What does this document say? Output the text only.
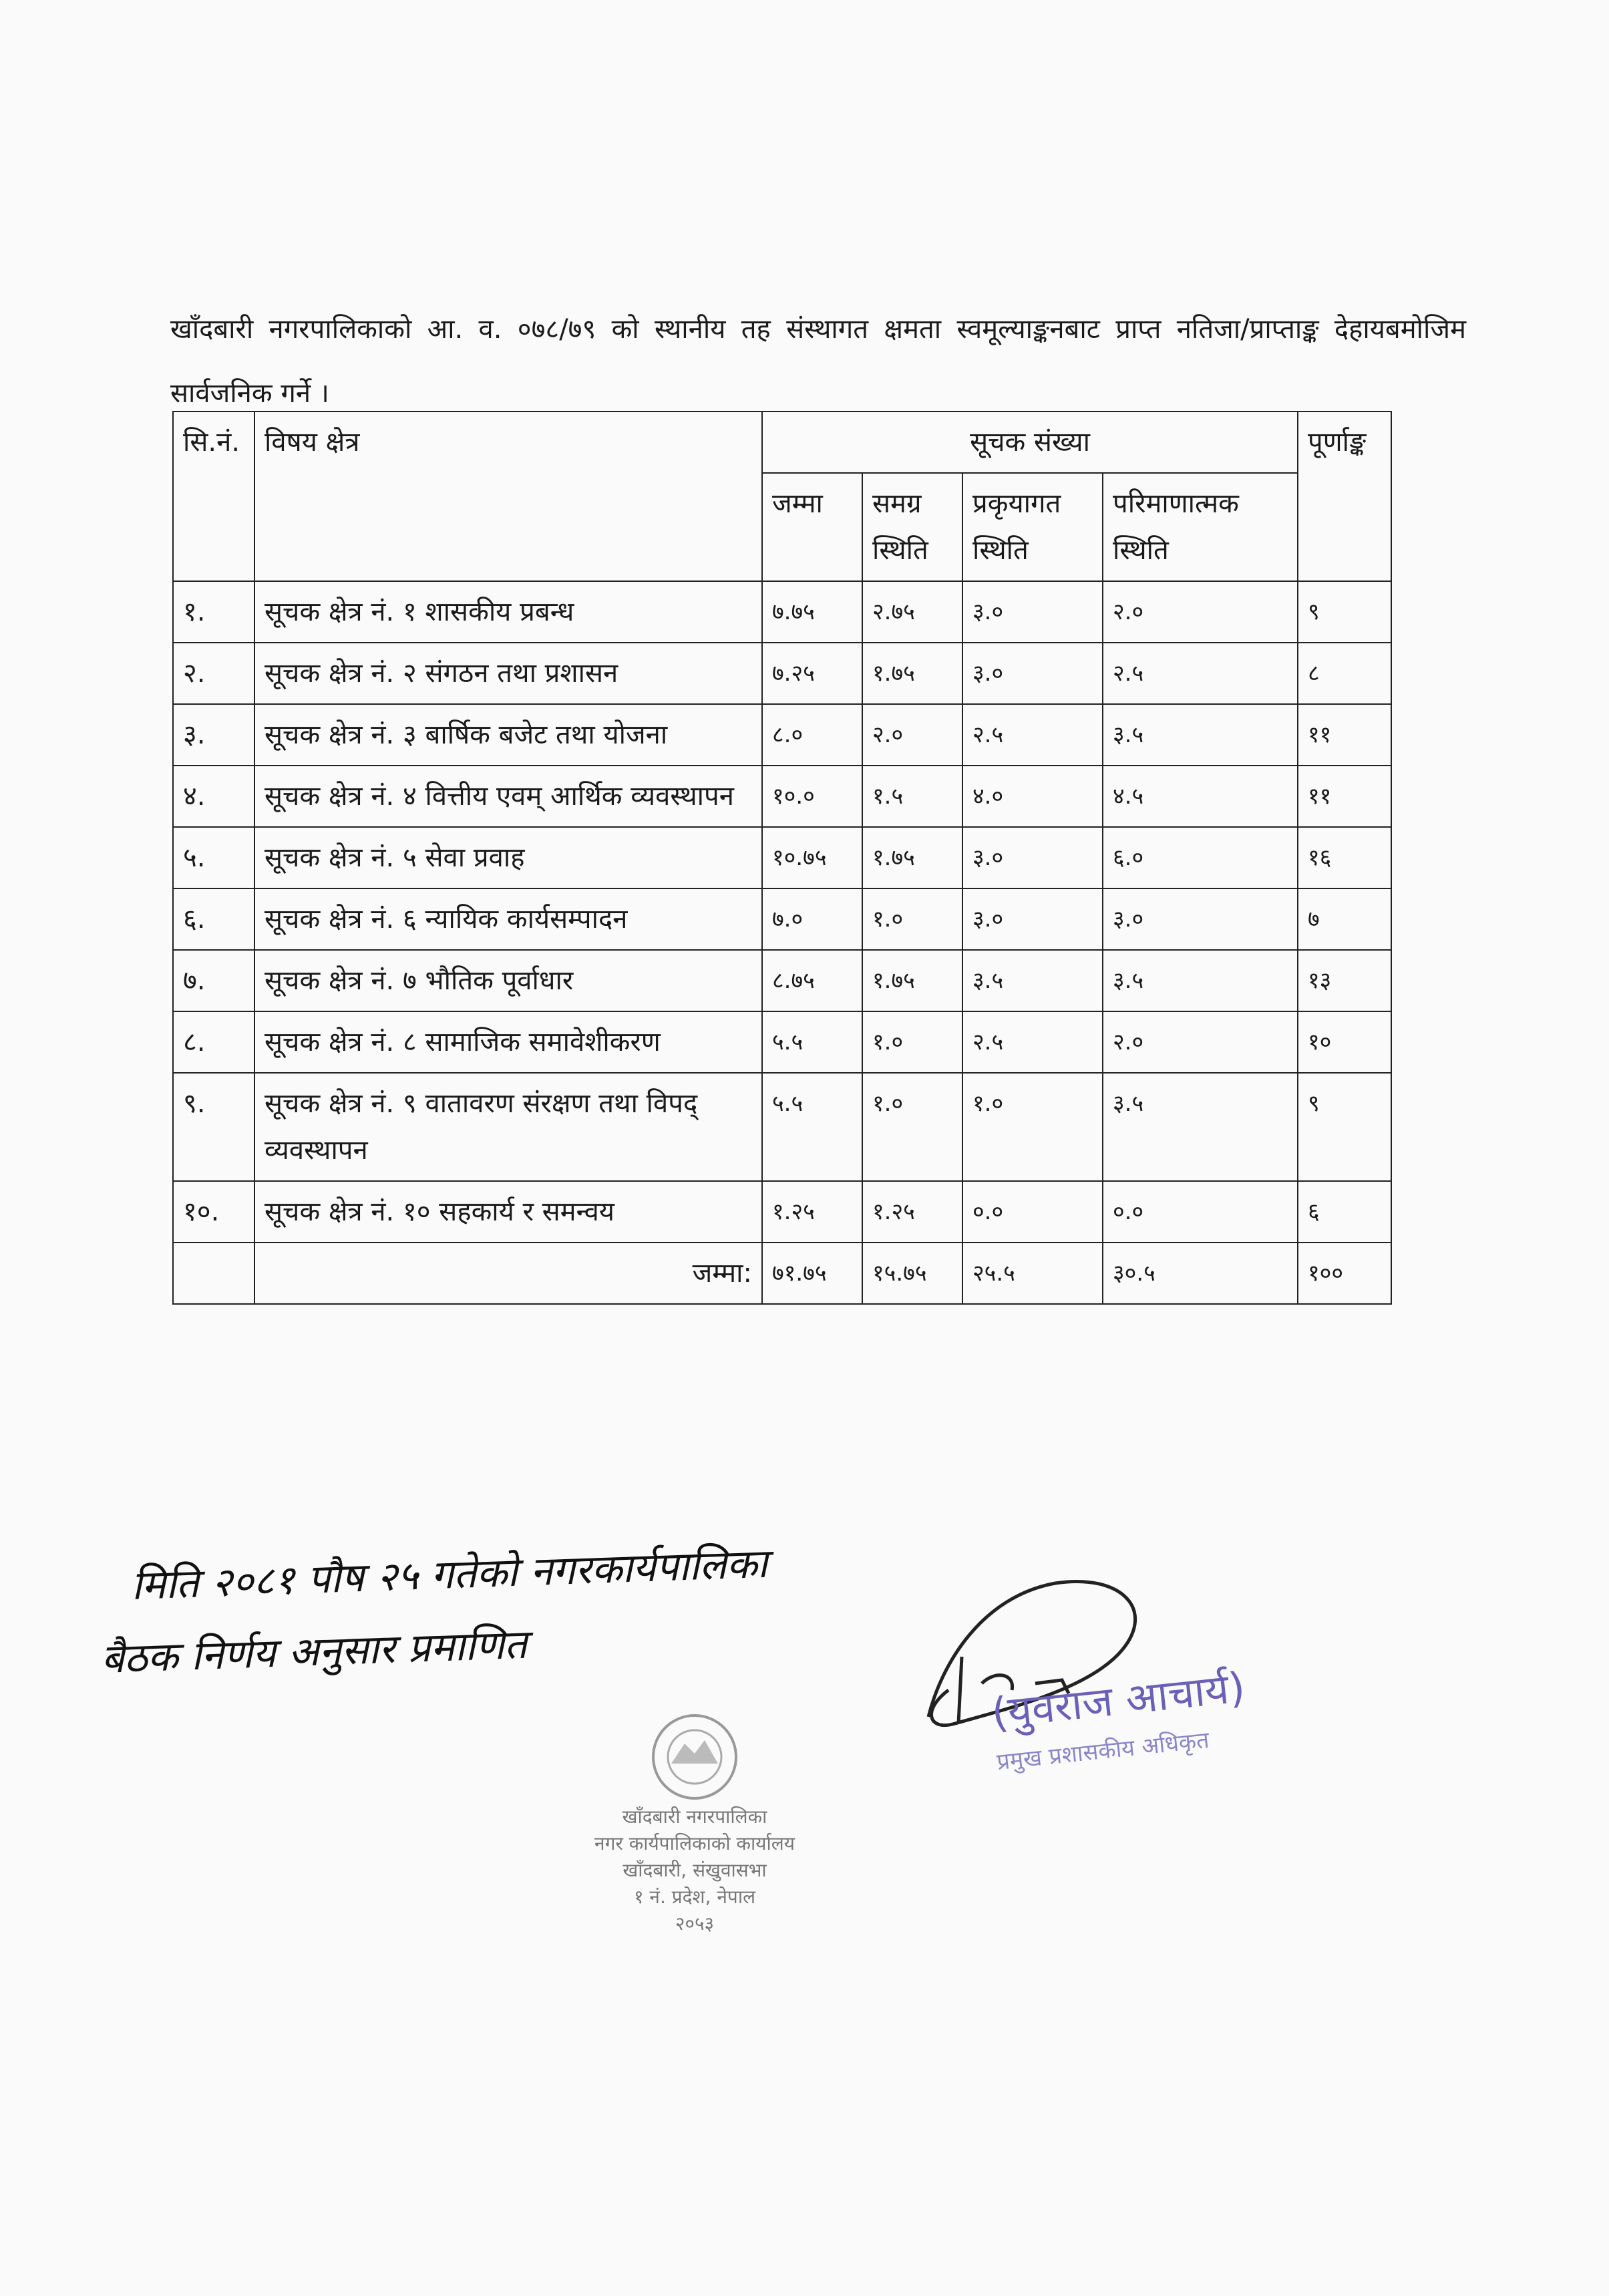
खाँदबारी नगरपालिकाको आ. व. ०७८/७९ को स्थानीय तह संस्थागत क्षमता स्वमूल्याङ्कनबाट प्राप्त नतिजा/प्राप्ताङ्क देहायबमोजिम सार्वजनिक गर्ने ।

सि.नं.	विषय क्षेत्र	सूचक संख्या				पूर्णाङ्क
		जम्मा	समग्र स्थिति	प्रकृयागत स्थिति	परिमाणात्मक स्थिति	
१.	सूचक क्षेत्र नं. १ शासकीय प्रबन्ध	७.७५	२.७५	३.०	२.०	९
२.	सूचक क्षेत्र नं. २ संगठन तथा प्रशासन	७.२५	१.७५	३.०	२.५	८
३.	सूचक क्षेत्र नं. ३ बार्षिक बजेट तथा योजना	८.०	२.०	२.५	३.५	११
४.	सूचक क्षेत्र नं. ४ वित्तीय एवम् आर्थिक व्यवस्थापन	१०.०	१.५	४.०	४.५	११
५.	सूचक क्षेत्र नं. ५ सेवा प्रवाह	१०.७५	१.७५	३.०	६.०	१६
६.	सूचक क्षेत्र नं. ६ न्यायिक कार्यसम्पादन	७.०	१.०	३.०	३.०	७
७.	सूचक क्षेत्र नं. ७ भौतिक पूर्वाधार	८.७५	१.७५	३.५	३.५	१३
८.	सूचक क्षेत्र नं. ८ सामाजिक समावेशीकरण	५.५	१.०	२.५	२.०	१०
९.	सूचक क्षेत्र नं. ९ वातावरण संरक्षण तथा विपद् व्यवस्थापन	५.५	१.०	१.०	३.५	९
१०.	सूचक क्षेत्र नं. १० सहकार्य र समन्वय	१.२५	१.२५	०.०	०.०	६
	जम्मा:	७१.७५	१५.७५	२५.५	३०.५	१००
मिति २०८१ पौष २५ गतेको नगरकार्यपालिका
बैठक निर्णय अनुसार प्रमाणित
खाँदबारी नगरपालिका
नगर कार्यपालिकाको कार्यालय
खाँदबारी, संखुवासभा
१ नं. प्रदेश, नेपाल
२०५३
(युवराज आचार्य)
प्रमुख प्रशासकीय अधिकृत
